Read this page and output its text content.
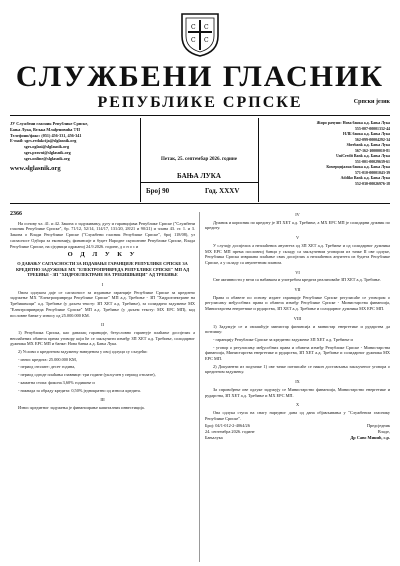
С С
С С
СЛУЖБЕНИ ГЛАСНИК
РЕПУБЛИКЕ СРПСКЕ	Српски језик
ЈУ Службени гласник Републике Српске,
Бања Лука, Вељка Млађеновића 7/II
Телефони/факс: (051) 456-331, 456-341
E-mail: sgrs.redakcija@slglasnik.org
sgrs.oglasi@slglasnik.org
sgrs.pravni@slglasnik.org
sgrs.online@slglasnik.org
www.slglasnik.org
Петак, 25. септембар 2026. године
БАЊА ЛУКА
Број 90	Год. XXXV
Жиро рачуни: Нова банка а.д. Бања Лука
555-007-00001332-44
НЛБ банка а.д. Бања Лука
562-099-00004292-34
Sberbank а.д. Бања Лука
567-162-10000010-81
UniCredit Bank а.д. Бања Лука
551-001-00029639-61
Комерцијална банка а.д. Бања Лука
571-010-00001043-39
Addiko Bank а.д. Бања Лука
552-030-00026976-18
2366

На основу чл. 41. и 42. Закона о задуживању, дугу и гаранцијама Републике Српске ("Службени гласник Републике Српске", бр. 71/12, 52/14, 114/17, 131/20, 28/21 и 90/21) и члана 43. ст. 1. и 3. Закона о Влади Републике Српске ("Службени гласник Републике Српске", број 118/08), уз сагласност Одбора за економију, финансије и буџет Народне скупштине Републике Српске, Влада Републике Српске, на сједници одржаној 24.9.2026. године, д о н о с и

О Д Л У К У

О ДАВАЊУ САГЛАСНОСТИ ЗА ИЗДАВАЊЕ ГАРАНЦИЈЕ РЕПУБЛИКЕ СРПСКЕ ЗА КРЕДИТНО ЗАДУЖЕЊЕ МХ "ЕЛЕКТРОПРИВРЕДА РЕПУБЛИКЕ СРПСКЕ" МП АД ТРЕБИЊЕ - ЗП "ХИДРОЕЛЕКТРАНЕ НА ТРЕБИШЊИЦИ" АД ТРЕБИЊЕ

I

Овом одлуком даје се сагласност за издавање гаранције Републике Српске за кредитно задужење МХ "Електропривреда Републике Српске" МП а.д. Требиње - ЗП "Хидроелектране на Требишњици" а.д. Требиње (у даљем тексту: ЗП ХЕТ а.д. Требиње), за солидарно задужење МХ "Електропривреда Републике Српске" МП а.д. Требиње (у даљем тексту: МХ ЕРС МП), код пословне банке у износу од 25.000.000 КМ.

II

1) Република Српска, као давалац гаранције, безусловно гарантује плаћање доспјелих а неплаћених обавеза према уговору који ће се закључити између ЗП ХЕТ а.д. Требиње, солидарног дужника МХ ЕРС МП и банке: Нова банка а.д. Бања Лука.

2) Услови о кредитном задужењу наведеном у овој одлуци су сљедећи:

- износ кредита: 25.000.000 КМ,

- период отплате: десет година,

- период одгоде плаћања главнице: три године (укључен у период отплате),

- каматна стопа: фиксна 3,60% годишње и

- накнада за обраду кредита: 0,50% једнократно од износа кредита.

III

Износ кредитног задужења је финансирање капиталних инвестиција.

IV

Дужник и корисник по кредиту је ЗП ХЕТ а.д. Требиње, а МХ ЕРС МП је солидарни дужник по кредиту.

V

У случају доспјелих а неплаћених ануитета од ЗП ХЕТ а.д. Требиње и од солидарног дужника МХ ЕРС МП према пословној банци у складу са закљученим уговором из тачке II ове одлуке, Република Српска извршава плаћање свих доспјелих а неплаћених ануитета из буџета Републике Српске, а у складу са ануитетним планом.

VI

Све активности у вези са набавком и употребом кредита реализоваће ЗП ХЕТ а.д. Требиње.

VII

Права и обавезе по основу издате гаранције Републике Српске регулисаће се уговором о регулисању међусобних права и обавеза између Републике Српске - Министарства финансија, Министарства енергетике и рударства, ЗП ХЕТ а.д. Требиње и солидарног дужника МХ ЕРС МП.

VIII

1) Задужује се и овлашћује министар финансија и министар енергетике и рударства да потпишу:

- гаранцију Републике Српске за кредитно задужење ЗП ХЕТ а.д. Требиње и

- уговор о регулисању међусобних права и обавеза између Републике Српске - Министарства финансија, Министарства енергетике и рударства, ЗП ХЕТ а.д. Требиње и солидарног дужника МХ ЕРС МП.

2) Документи из подтачке 1) ове тачке потписаће се након достављања закљученог уговора о кредитном задужењу.

IX

За спровођење ове одлуке задужују се Министарство финансија, Министарство енергетике и рударства, ЗП ХЕТ а.д. Требиње и МХ ЕРС МП.

X

Ова одлука ступа на снагу наредног дана од дана објављивања у "Службеном гласнику Републике Српске".

Број: 04/1-012-2-4064/26	Предсједник
24. септембра 2026. године	Владе,
Бањалука	Др Саво Минић, с.р.
